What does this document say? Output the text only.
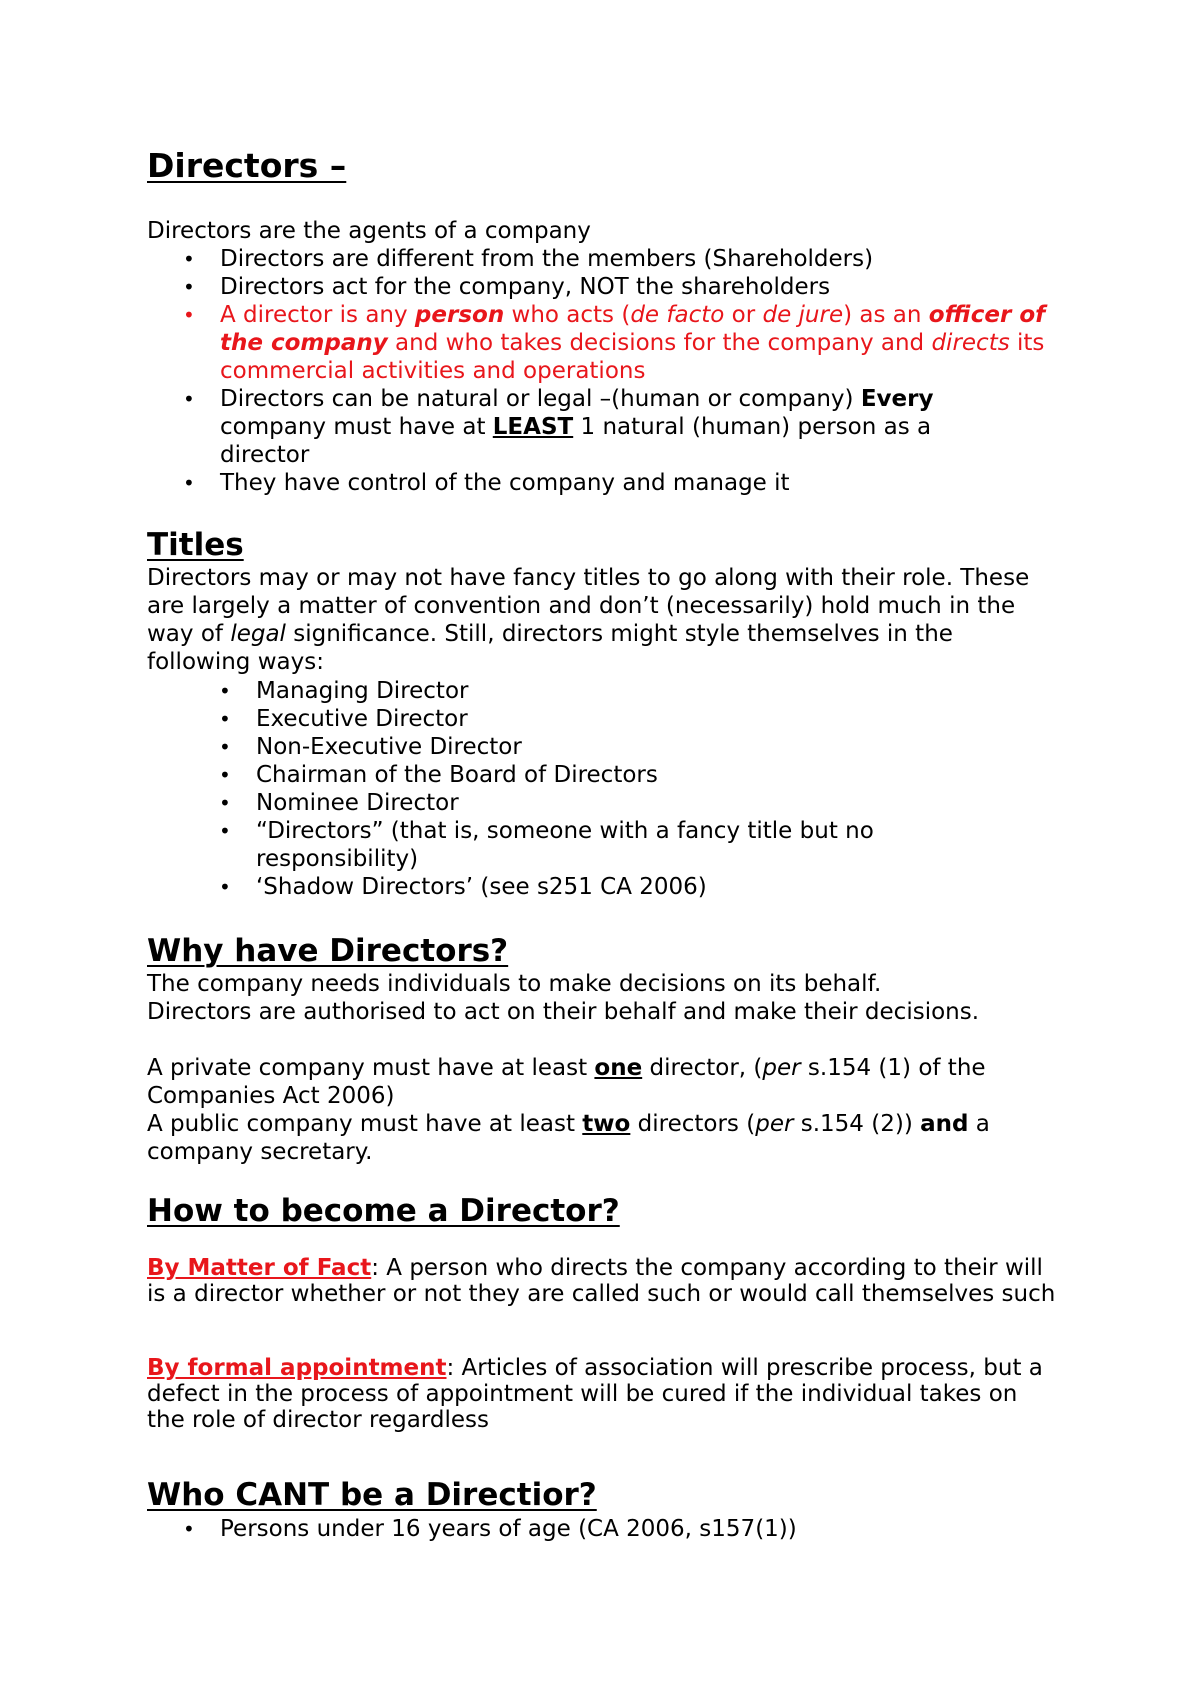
Directors –
Directors are the agents of a company
• Directors are different from the members (Shareholders)
• Directors act for the company, NOT the shareholders
• A director is any person who acts (de facto or de jure) as an officer of the company and who takes decisions for the company and directs its commercial activities and operations
• Directors can be natural or legal –(human or company) Every company must have at LEAST 1 natural (human) person as a director
• They have control of the company and manage it
Titles
Directors may or may not have fancy titles to go along with their role. These are largely a matter of convention and don’t (necessarily) hold much in the way of legal significance. Still, directors might style themselves in the following ways:
• Managing Director
• Executive Director
• Non-Executive Director
• Chairman of the Board of Directors
• Nominee Director
• “Directors” (that is, someone with a fancy title but no responsibility)
• ‘Shadow Directors’ (see s251 CA 2006)
Why have Directors?
The company needs individuals to make decisions on its behalf.
Directors are authorised to act on their behalf and make their decisions.
A private company must have at least one director, (per s.154 (1) of the Companies Act 2006)
A public company must have at least two directors (per s.154 (2)) and a company secretary.
How to become a Director?
By Matter of Fact: A person who directs the company according to their will is a director whether or not they are called such or would call themselves such
By formal appointment: Articles of association will prescribe process, but a defect in the process of appointment will be cured if the individual takes on the role of director regardless
Who CANT be a Directior?
• Persons under 16 years of age (CA 2006, s157(1))
